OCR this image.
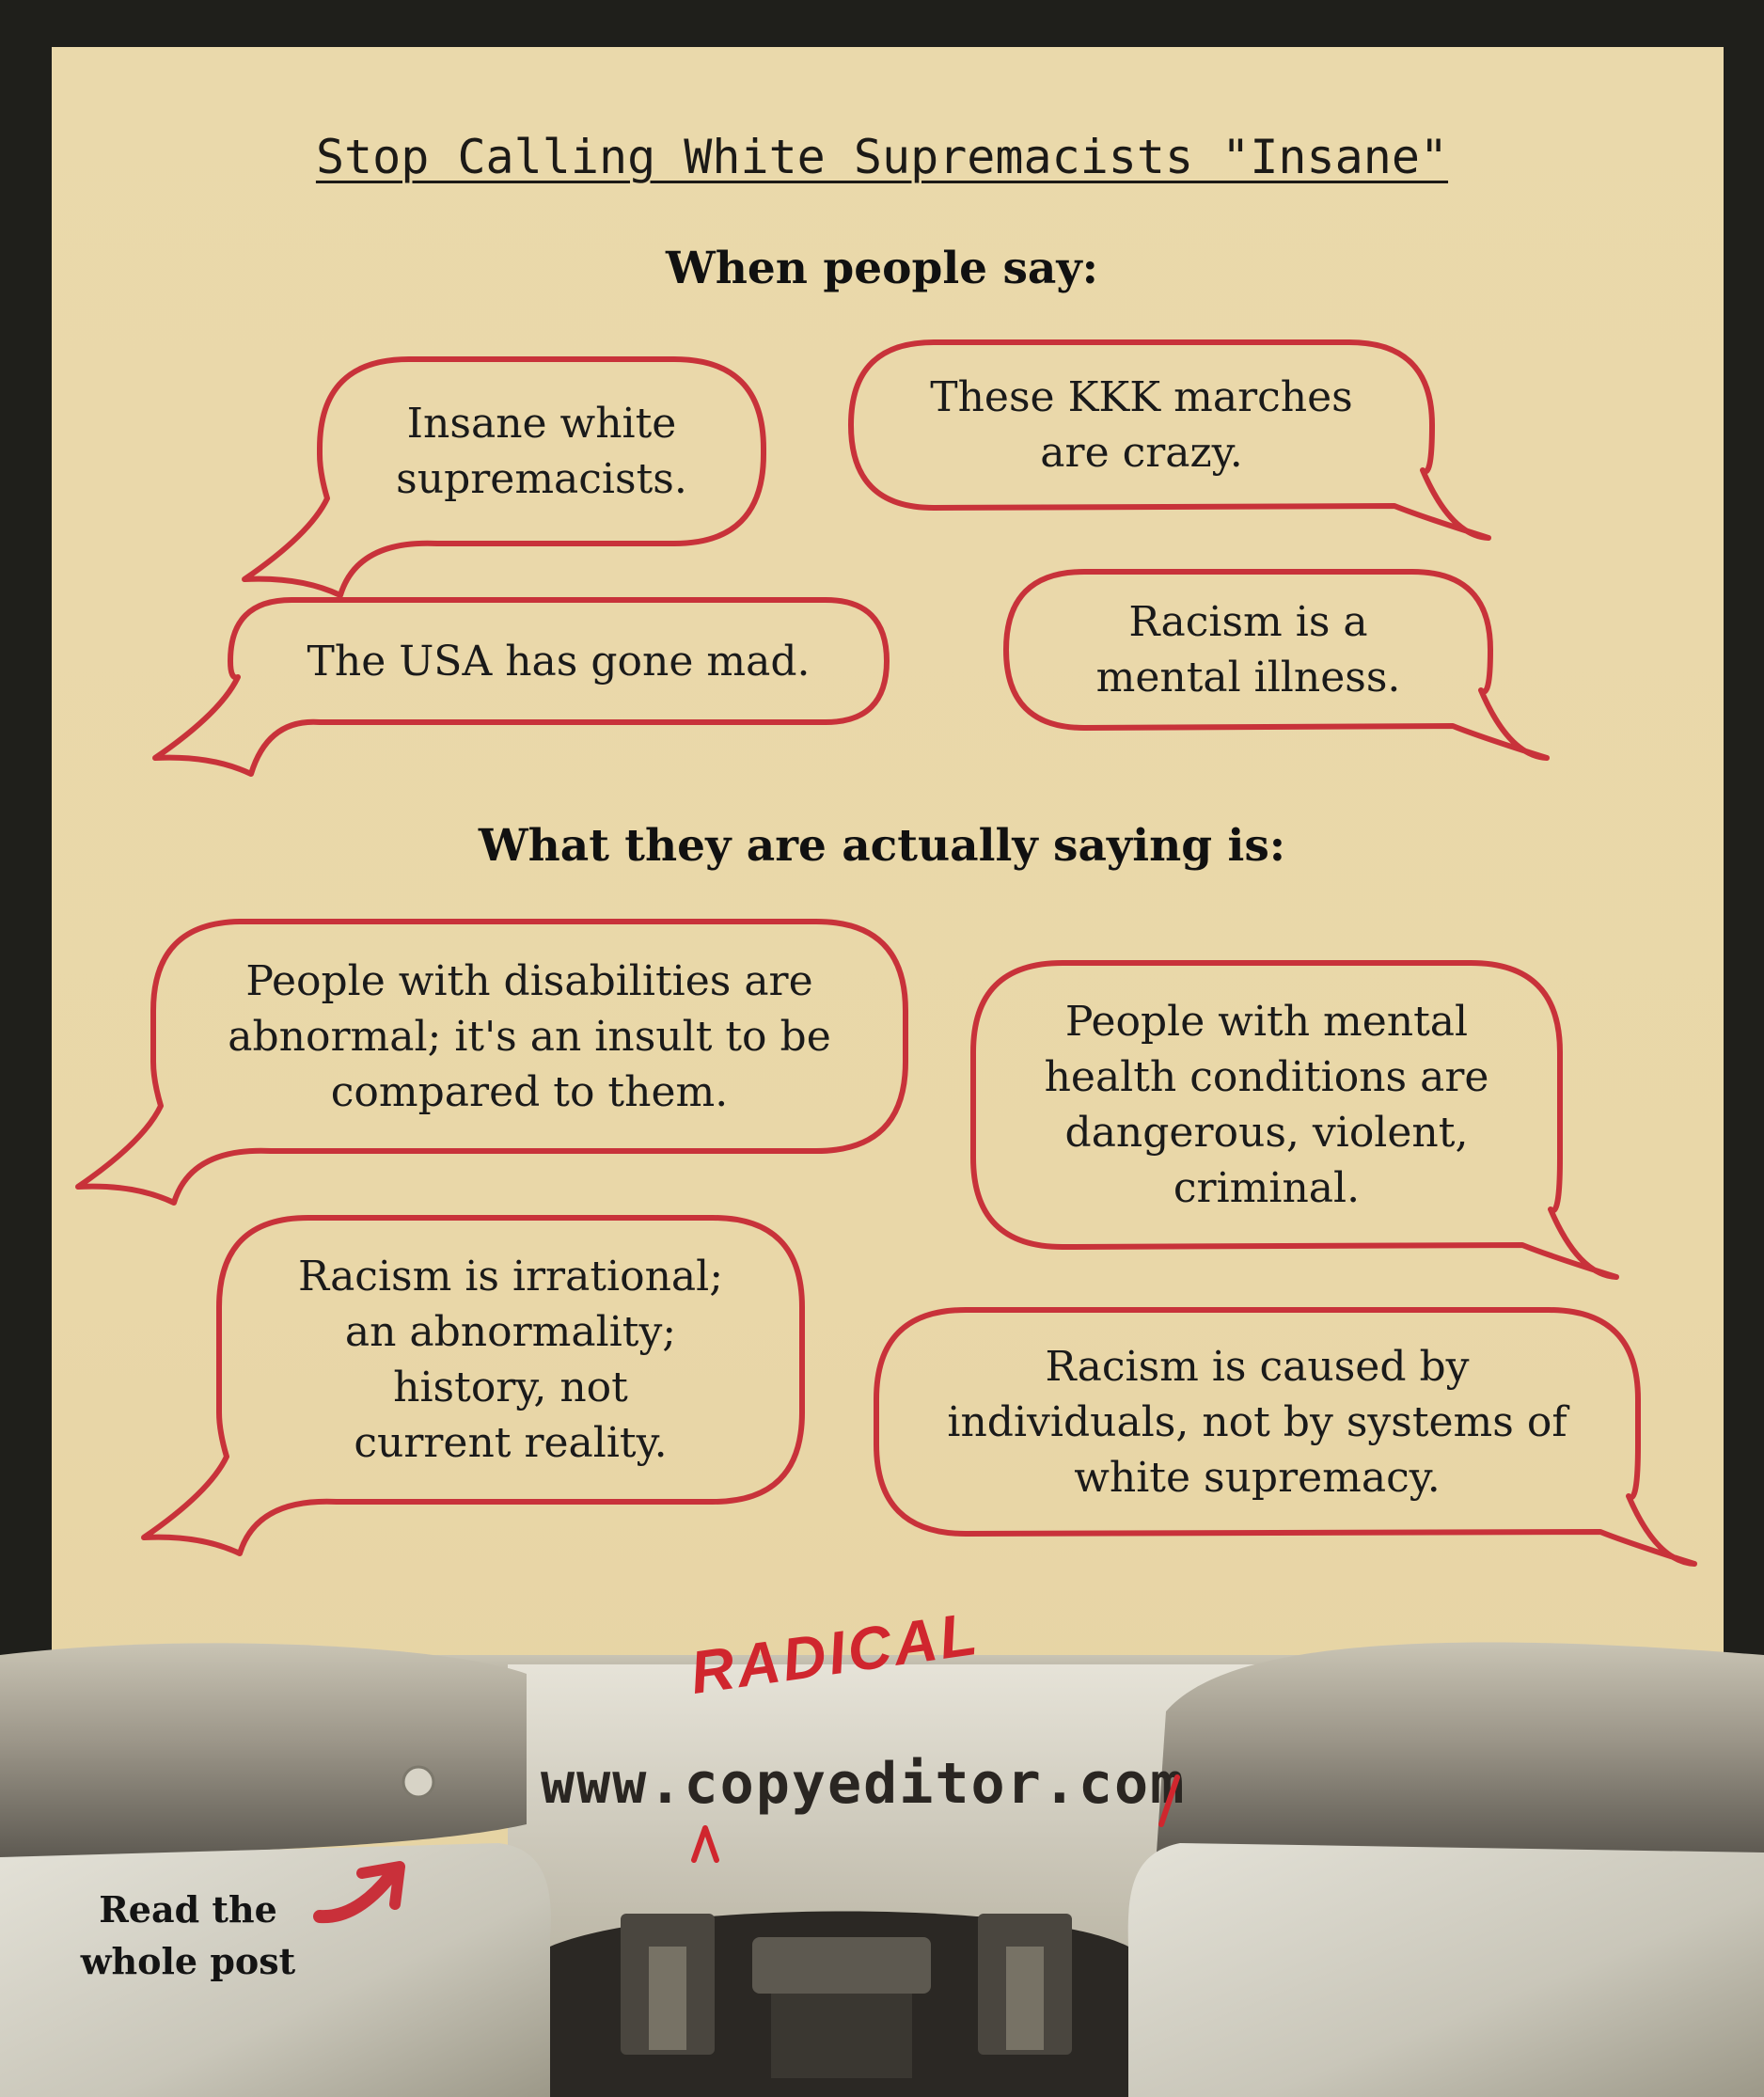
Stop Calling White Supremacists "Insane"
When people say:
What they are actually saying is:
Insane white
supremacists.
These KKK marches
are crazy.
The USA has gone mad.
Racism is a
mental illness.
People with disabilities are
abnormal; it's an insult to be
compared to them.
People with mental
health conditions are
dangerous, violent,
criminal.
Racism is irrational;
an abnormality;
history, not
current reality.
Racism is caused by
individuals, not by systems of
white supremacy.
www.copyeditor.com
RADICAL
Read the
whole post
